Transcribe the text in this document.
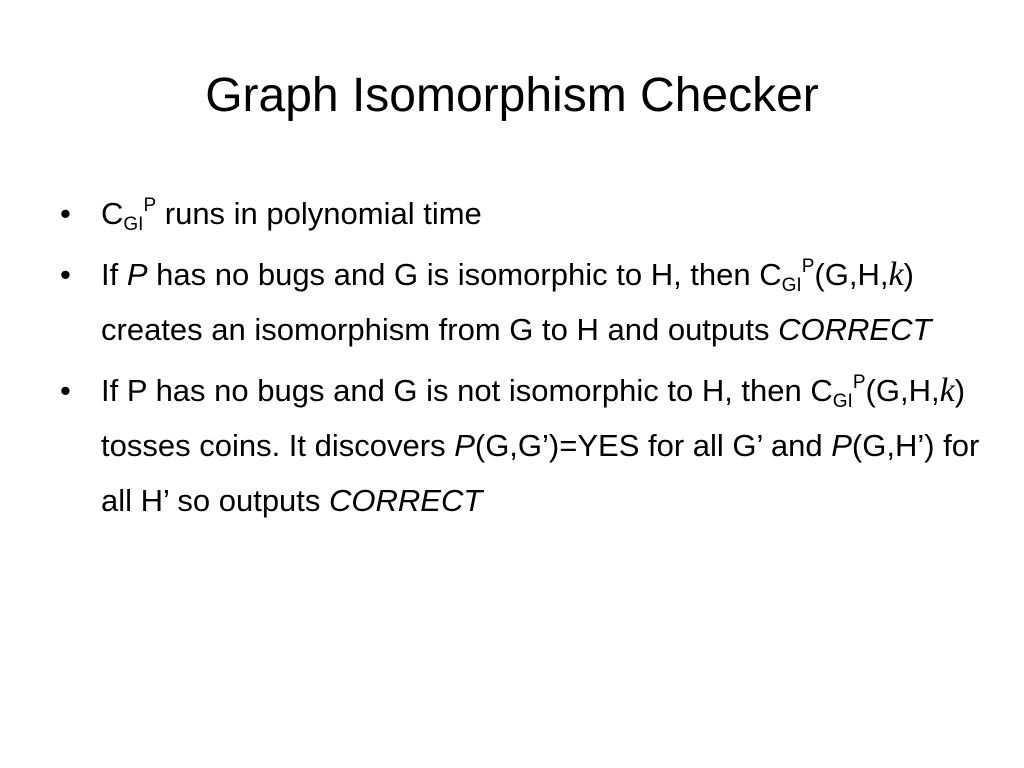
Graph Isomorphism Checker
• $C_{GI}^P$ runs in polynomial time
• If P has no bugs and G is isomorphic to H, then $C_{GI}^P(G,H,k)$ creates an isomorphism from G to H and outputs CORRECT
• If P has no bugs and G is not isomorphic to H, then $C_{GI}^P(G,H,k)$ tosses coins. It discovers P(G,G’)=YES for all G’ and P(G,H’) for all H’ so outputs CORRECT
